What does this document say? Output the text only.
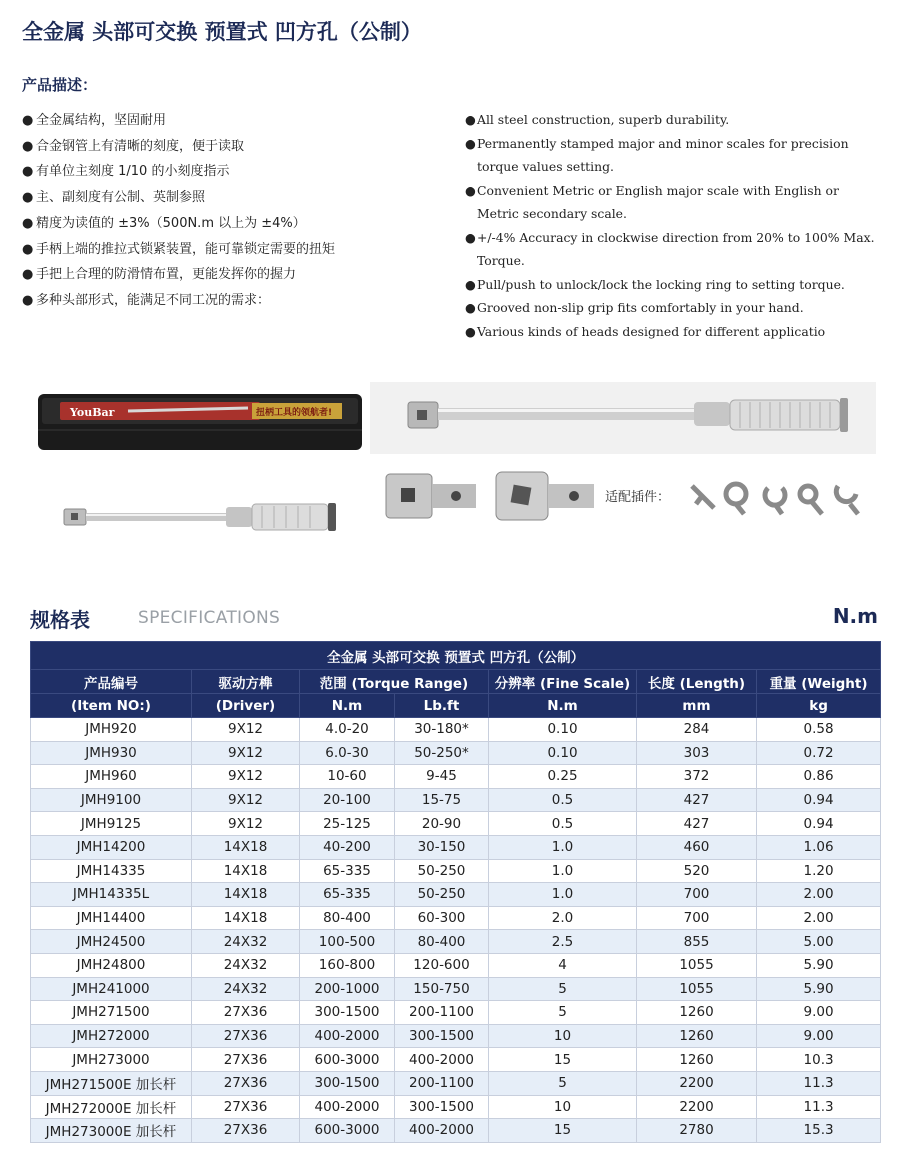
全金属 头部可交换 预置式 凹方孔（公制）
产品描述：
● 全金属结构，坚固耐用
● 合金钢管上有清晰的刻度，便于读取
● 有单位主刻度 1/10 的小刻度指示
● 主、副刻度有公制、英制参照
● 精度为读值的 ±3%（500N.m 以上为 ±4%）
● 手柄上端的推拉式锁紧装置，能可靠锁定需要的扭矩
● 手把上合理的防滑情布置，更能发挥你的握力
● 多种头部形式，能满足不同工况的需求：
●All steel construction, superb durability.
●Permanently stamped major and minor scales for precision torque values setting.
●Convenient Metric or English major scale with English or Metric secondary scale.
●+/-4% Accuracy in clockwise direction from 20% to 100% Max. Torque.
●Pull/push to unlock/lock the locking ring to setting torque.
●Grooved non-slip grip fits comfortably in your hand.
●Various kinds of heads designed for different applicatio
YouBar	扭柄工具的领航者!

适配插件：

规格表	SPECIFICATIONS	N.m

全金属 头部可交换 预置式 凹方孔（公制）						
产品编号	驱动方榫	范围 (Torque Range)		分辨率 (Fine Scale)	长度 (Length)	重量 (Weight)
(Item NO:)	(Driver)	N.m	Lb.ft	N.m	mm	kg
JMH920	9X12	4.0-20	30-180*	0.10	284	0.58
JMH930	9X12	6.0-30	50-250*	0.10	303	0.72
JMH960	9X12	10-60	9-45	0.25	372	0.86
JMH9100	9X12	20-100	15-75	0.5	427	0.94
JMH9125	9X12	25-125	20-90	0.5	427	0.94
JMH14200	14X18	40-200	30-150	1.0	460	1.06
JMH14335	14X18	65-335	50-250	1.0	520	1.20
JMH14335L	14X18	65-335	50-250	1.0	700	2.00
JMH14400	14X18	80-400	60-300	2.0	700	2.00
JMH24500	24X32	100-500	80-400	2.5	855	5.00
JMH24800	24X32	160-800	120-600	4	1055	5.90
JMH241000	24X32	200-1000	150-750	5	1055	5.90
JMH271500	27X36	300-1500	200-1100	5	1260	9.00
JMH272000	27X36	400-2000	300-1500	10	1260	9.00
JMH273000	27X36	600-3000	400-2000	15	1260	10.3
JMH271500E 加长杆	27X36	300-1500	200-1100	5	2200	11.3
JMH272000E 加长杆	27X36	400-2000	300-1500	10	2200	11.3
JMH273000E 加长杆	27X36	600-3000	400-2000	15	2780	15.3
